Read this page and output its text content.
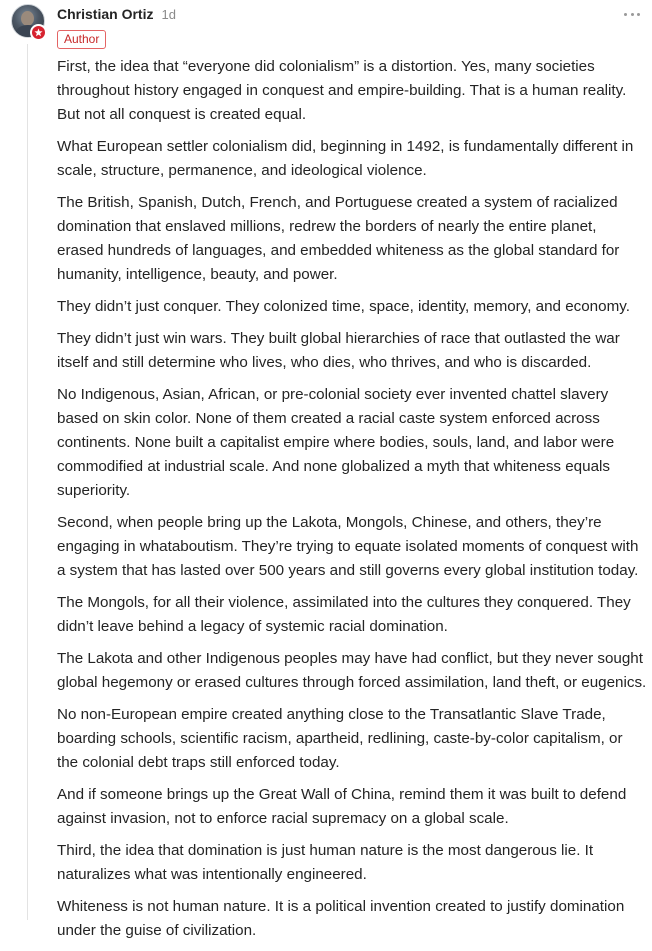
Christian Ortiz 1d
Author

First, the idea that “everyone did colonialism” is a distortion. Yes, many societies throughout history engaged in conquest and empire-building. That is a human reality. But not all conquest is created equal.

What European settler colonialism did, beginning in 1492, is fundamentally different in scale, structure, permanence, and ideological violence.

The British, Spanish, Dutch, French, and Portuguese created a system of racialized domination that enslaved millions, redrew the borders of nearly the entire planet, erased hundreds of languages, and embedded whiteness as the global standard for humanity, intelligence, beauty, and power.

They didn’t just conquer. They colonized time, space, identity, memory, and economy.

They didn’t just win wars. They built global hierarchies of race that outlasted the war itself and still determine who lives, who dies, who thrives, and who is discarded.

No Indigenous, Asian, African, or pre-colonial society ever invented chattel slavery based on skin color. None of them created a racial caste system enforced across continents. None built a capitalist empire where bodies, souls, land, and labor were commodified at industrial scale. And none globalized a myth that whiteness equals superiority.

Second, when people bring up the Lakota, Mongols, Chinese, and others, they’re engaging in whataboutism. They’re trying to equate isolated moments of conquest with a system that has lasted over 500 years and still governs every global institution today.

The Mongols, for all their violence, assimilated into the cultures they conquered. They didn’t leave behind a legacy of systemic racial domination.

The Lakota and other Indigenous peoples may have had conflict, but they never sought global hegemony or erased cultures through forced assimilation, land theft, or eugenics.

No non-European empire created anything close to the Transatlantic Slave Trade, boarding schools, scientific racism, apartheid, redlining, caste-by-color capitalism, or the colonial debt traps still enforced today.

And if someone brings up the Great Wall of China, remind them it was built to defend against invasion, not to enforce racial supremacy on a global scale.

Third, the idea that domination is just human nature is the most dangerous lie. It naturalizes what was intentionally engineered.

Whiteness is not human nature. It is a political invention created to justify domination under the guise of civilization.
